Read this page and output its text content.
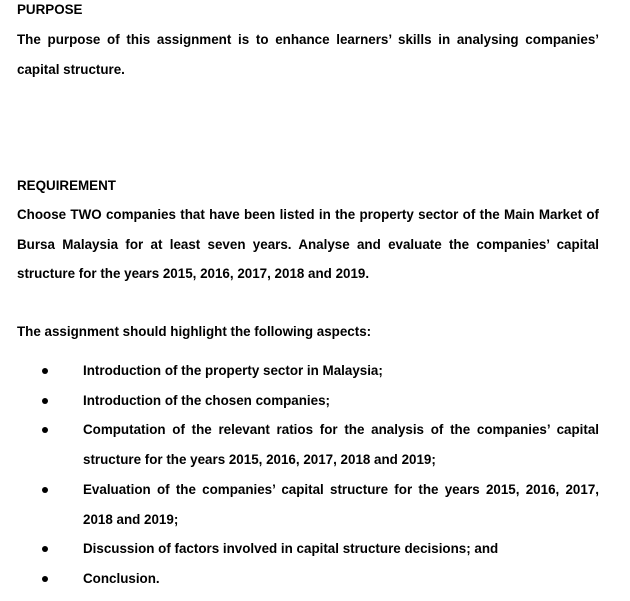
PURPOSE
The purpose of this assignment is to enhance learners’ skills in analysing companies’ capital structure.
REQUIREMENT
Choose TWO companies that have been listed in the property sector of the Main Market of Bursa Malaysia for at least seven years. Analyse and evaluate the companies’ capital structure for the years 2015, 2016, 2017, 2018 and 2019.
The assignment should highlight the following aspects:
Introduction of the property sector in Malaysia;
Introduction of the chosen companies;
Computation of the relevant ratios for the analysis of the companies’ capital structure for the years 2015, 2016, 2017, 2018 and 2019;
Evaluation of the companies’ capital structure for the years 2015, 2016, 2017, 2018 and 2019;
Discussion of factors involved in capital structure decisions; and
Conclusion.
